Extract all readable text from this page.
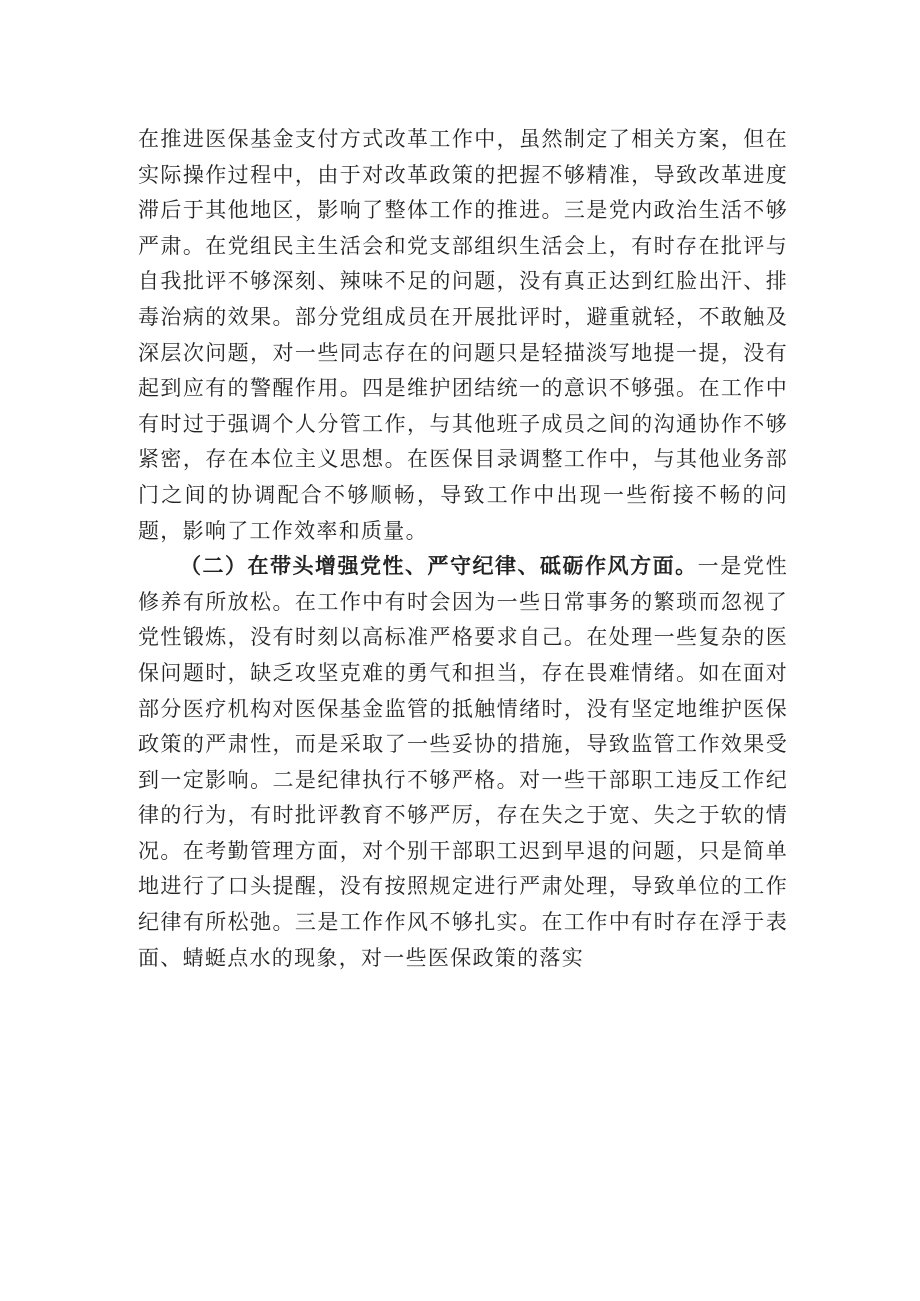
在推进医保基金支付方式改革工作中，虽然制定了相关方案，但在实际操作过程中，由于对改革政策的把握不够精准，导致改革进度滞后于其他地区，影响了整体工作的推进。三是党内政治生活不够严肃。在党组民主生活会和党支部组织生活会上，有时存在批评与自我批评不够深刻、辣味不足的问题，没有真正达到红脸出汗、排毒治病的效果。部分党组成员在开展批评时，避重就轻，不敢触及深层次问题，对一些同志存在的问题只是轻描淡写地提一提，没有起到应有的警醒作用。四是维护团结统一的意识不够强。在工作中有时过于强调个人分管工作，与其他班子成员之间的沟通协作不够紧密，存在本位主义思想。在医保目录调整工作中，与其他业务部门之间的协调配合不够顺畅，导致工作中出现一些衔接不畅的问题，影响了工作效率和质量。

（二）在带头增强党性、严守纪律、砥砺作风方面。一是党性修养有所放松。在工作中有时会因为一些日常事务的繁琐而忽视了党性锻炼，没有时刻以高标准严格要求自己。在处理一些复杂的医保问题时，缺乏攻坚克难的勇气和担当，存在畏难情绪。如在面对部分医疗机构对医保基金监管的抵触情绪时，没有坚定地维护医保政策的严肃性，而是采取了一些妥协的措施，导致监管工作效果受到一定影响。二是纪律执行不够严格。对一些干部职工违反工作纪律的行为，有时批评教育不够严厉，存在失之于宽、失之于软的情况。在考勤管理方面，对个别干部职工迟到早退的问题，只是简单地进行了口头提醒，没有按照规定进行严肃处理，导致单位的工作纪律有所松弛。三是工作作风不够扎实。在工作中有时存在浮于表面、蜻蜓点水的现象，对一些医保政策的落实
